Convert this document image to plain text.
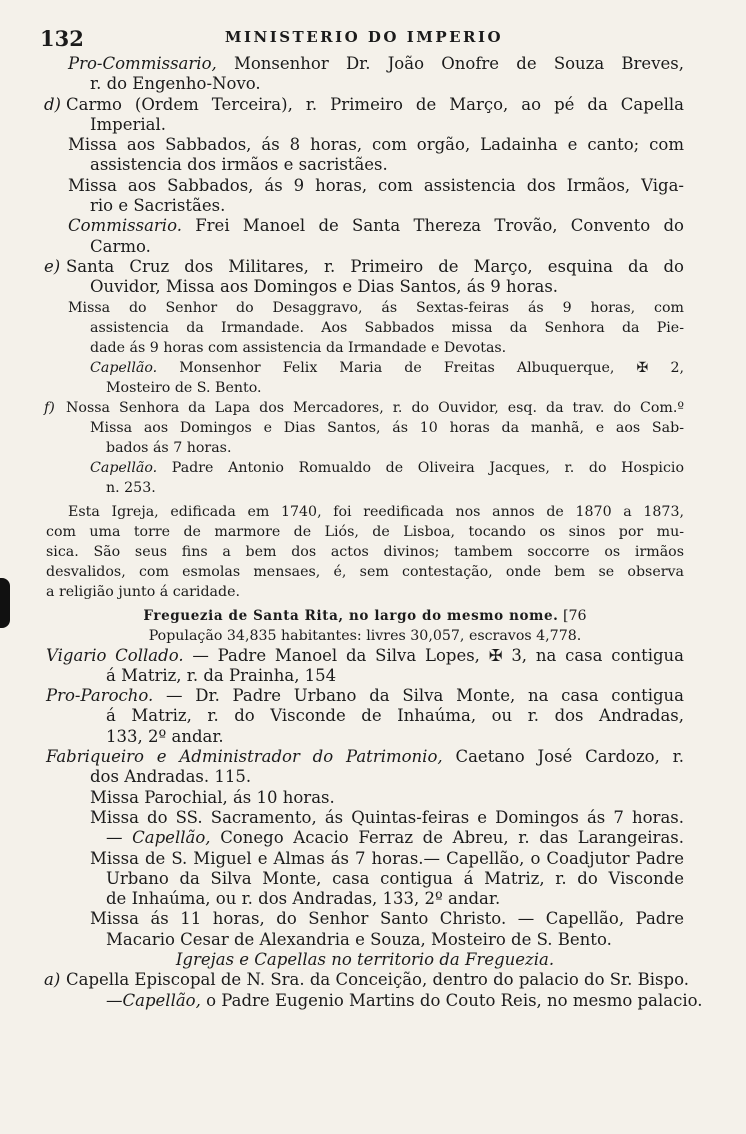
132	MINISTERIO DO IMPERIO
Pro-Commissario, Monsenhor Dr. João Onofre de Souza Breves,
r. do Engenho-Novo.
d) Carmo (Ordem Terceira), r. Primeiro de Março, ao pé da Capella
Imperial.
Missa aos Sabbados, ás 8 horas, com orgão, Ladainha e canto; com
assistencia dos irmãos e sacristães.
Missa aos Sabbados, ás 9 horas, com assistencia dos Irmãos, Viga-
rio e Sacristães.
Commissario. Frei Manoel de Santa Thereza Trovão, Convento do
Carmo.
e) Santa Cruz dos Militares, r. Primeiro de Março, esquina da do
Ouvidor, Missa aos Domingos e Dias Santos, ás 9 horas.
Missa do Senhor do Desaggravo, ás Sextas-feiras ás 9 horas, com
assistencia da Irmandade. Aos Sabbados missa da Senhora da Pie-
dade ás 9 horas com assistencia da Irmandade e Devotas.
Capellão. Monsenhor Felix Maria de Freitas Albuquerque, ✠ 2,
Mosteiro de S. Bento.
f) Nossa Senhora da Lapa dos Mercadores, r. do Ouvidor, esq. da trav. do Com.º
Missa aos Domingos e Dias Santos, ás 10 horas da manhã, e aos Sab-
bados ás 7 horas.
Capellão. Padre Antonio Romualdo de Oliveira Jacques, r. do Hospicio
n. 253.
Esta Igreja, edificada em 1740, foi reedificada nos annos de 1870 a 1873,
com uma torre de marmore de Liós, de Lisboa, tocando os sinos por mu-
sica. São seus fins a bem dos actos divinos; tambem soccorre os irmãos
desvalidos, com esmolas mensaes, é, sem contestação, onde bem se observa
a religião junto á caridade.
Freguezia de Santa Rita, no largo do mesmo nome. [76
População 34,835 habitantes: livres 30,057, escravos 4,778.
Vigario Collado. — Padre Manoel da Silva Lopes, ✠ 3, na casa contigua
á Matriz, r. da Prainha, 154
Pro-Parocho. — Dr. Padre Urbano da Silva Monte, na casa contigua
á Matriz, r. do Visconde de Inhaúma, ou r. dos Andradas,
133, 2º andar.
Fabriqueiro e Administrador do Patrimonio, Caetano José Cardozo, r.
dos Andradas. 115.
Missa Parochial, ás 10 horas.
Missa do SS. Sacramento, ás Quintas-feiras e Domingos ás 7 horas.
— Capellão, Conego Acacio Ferraz de Abreu, r. das Larangeiras.
Missa de S. Miguel e Almas ás 7 horas.— Capellão, o Coadjutor Padre
Urbano da Silva Monte, casa contigua á Matriz, r. do Visconde
de Inhaúma, ou r. dos Andradas, 133, 2º andar.
Missa ás 11 horas, do Senhor Santo Christo. — Capellão, Padre
Macario Cesar de Alexandria e Souza, Mosteiro de S. Bento.
Igrejas e Capellas no territorio da Freguezia.
a) Capella Episcopal de N. Sra. da Conceição, dentro do palacio do Sr. Bispo.
—Capellão, o Padre Eugenio Martins do Couto Reis, no mesmo palacio.
